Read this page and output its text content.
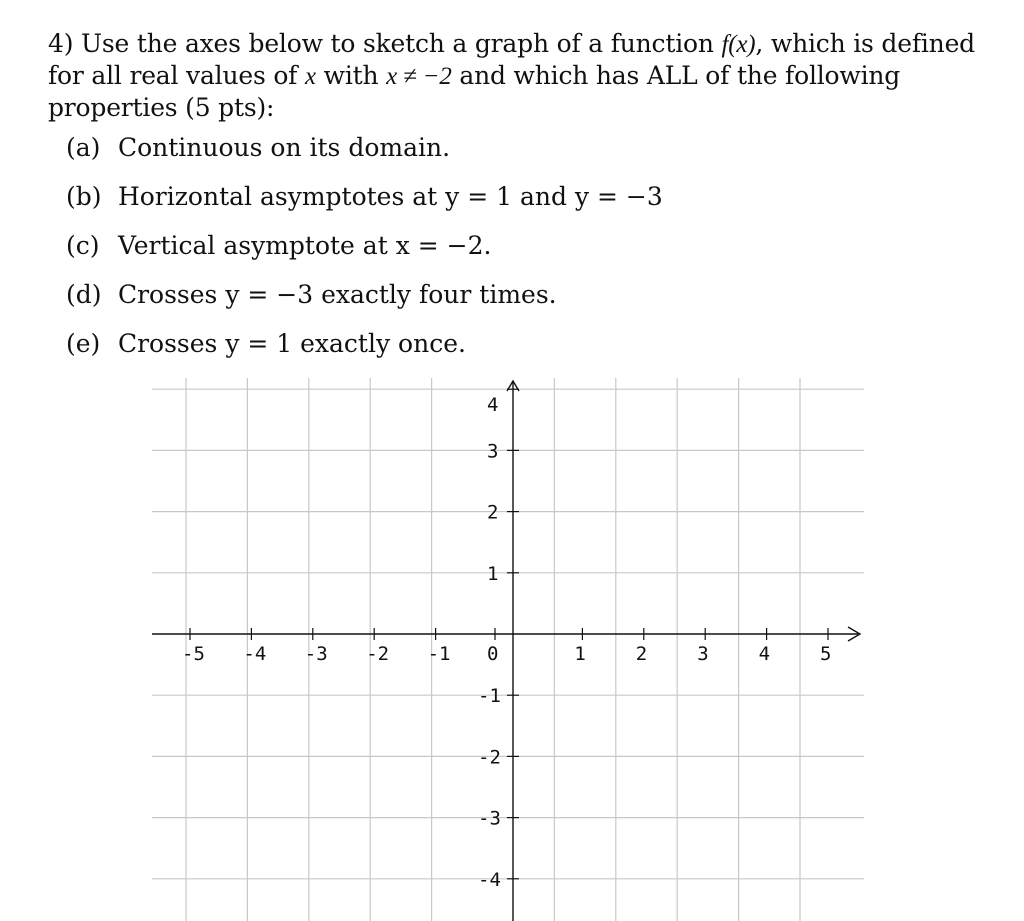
4) Use the axes below to sketch a graph of a function f(x), which is defined for all real values of x with x ≠ −2 and which has ALL of the following properties (5 pts):
(a) Continuous on its domain.
(b) Horizontal asymptotes at y = 1 and y = −3
(c) Vertical asymptote at x = −2.
(d) Crosses y = −3 exactly four times.
(e) Crosses y = 1 exactly once.
-5 -4 -3 -2 -1 0	1	2	3	4	5
4
3
2
1
-1
-2
-3
-4
